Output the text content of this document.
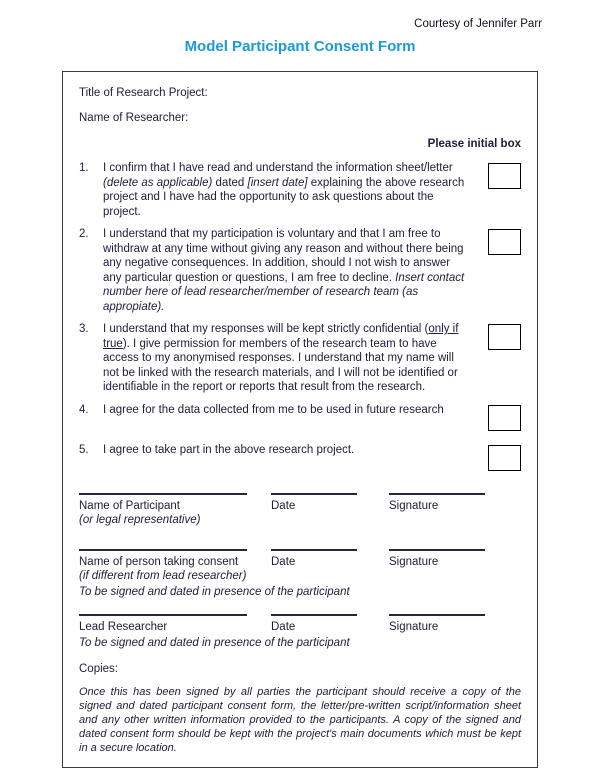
Courtesy of Jennifer Parr
Model Participant Consent Form
Title of Research Project:
Name of Researcher:
Please initial box
1.	I confirm that I have read and understand the information sheet/letter (delete as applicable) dated [insert date] explaining the above research project and I have had the opportunity to ask questions about the project.
2.	I understand that my participation is voluntary and that I am free to withdraw at any time without giving any reason and without there being any negative consequences. In addition, should I not wish to answer any particular question or questions, I am free to decline. Insert contact number here of lead researcher/member of research team (as appropiate).
3.	I understand that my responses will be kept strictly confidential (only if true). I give permission for members of the research team to have access to my anonymised responses. I understand that my name will not be linked with the research materials, and I will not be identified or identifiable in the report or reports that result from the research.
4.	I agree for the data collected from me to be used in future research
5.	I agree to take part in the above research project.
Name of Participant
(or legal representative)
Date	Signature
Name of person taking consent
(if different from lead researcher)
Date	Signature
To be signed and dated in presence of the participant
Lead Researcher	Date	Signature
To be signed and dated in presence of the participant
Copies:
Once this has been signed by all parties the participant should receive a copy of the signed and dated participant consent form, the letter/pre-written script/information sheet and any other written information provided to the participants. A copy of the signed and dated consent form should be kept with the project's main documents which must be kept in a secure location.
